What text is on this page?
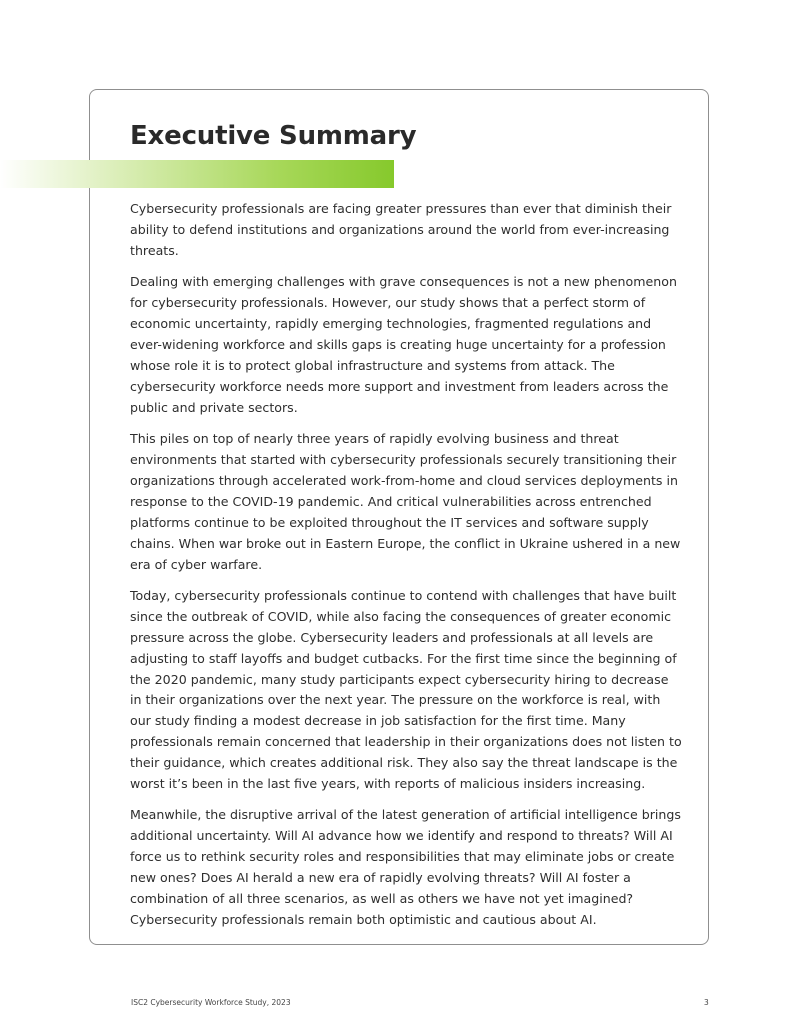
Executive Summary

Cybersecurity professionals are facing greater pressures than ever that diminish their ability to defend institutions and organizations around the world from ever-increasing threats.

Dealing with emerging challenges with grave consequences is not a new phenomenon for cybersecurity professionals. However, our study shows that a perfect storm of economic uncertainty, rapidly emerging technologies, fragmented regulations and ever-widening workforce and skills gaps is creating huge uncertainty for a profession whose role it is to protect global infrastructure and systems from attack. The cybersecurity workforce needs more support and investment from leaders across the public and private sectors.

This piles on top of nearly three years of rapidly evolving business and threat environments that started with cybersecurity professionals securely transitioning their organizations through accelerated work-from-home and cloud services deployments in response to the COVID-19 pandemic. And critical vulnerabilities across entrenched platforms continue to be exploited throughout the IT services and software supply chains. When war broke out in Eastern Europe, the conflict in Ukraine ushered in a new era of cyber warfare.

Today, cybersecurity professionals continue to contend with challenges that have built since the outbreak of COVID, while also facing the consequences of greater economic pressure across the globe. Cybersecurity leaders and professionals at all levels are adjusting to staff layoffs and budget cutbacks. For the first time since the beginning of the 2020 pandemic, many study participants expect cybersecurity hiring to decrease in their organizations over the next year. The pressure on the workforce is real, with our study finding a modest decrease in job satisfaction for the first time. Many professionals remain concerned that leadership in their organizations does not listen to their guidance, which creates additional risk. They also say the threat landscape is the worst it’s been in the last five years, with reports of malicious insiders increasing.

Meanwhile, the disruptive arrival of the latest generation of artificial intelligence brings additional uncertainty. Will AI advance how we identify and respond to threats? Will AI force us to rethink security roles and responsibilities that may eliminate jobs or create new ones? Does AI herald a new era of rapidly evolving threats? Will AI foster a combination of all three scenarios, as well as others we have not yet imagined? Cybersecurity professionals remain both optimistic and cautious about AI.

ISC2 Cybersecurity Workforce Study, 2023	3
